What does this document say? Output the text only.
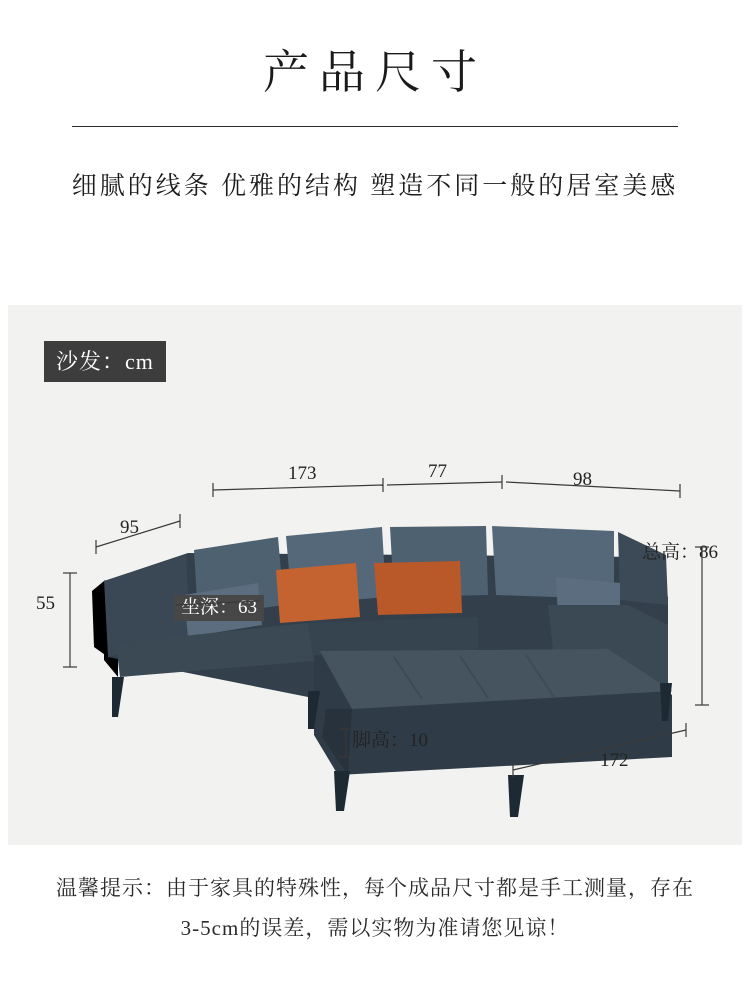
产品尺寸
细腻的线条 优雅的结构 塑造不同一般的居室美感
沙发：cm
173	77	98
95
55	坐深：63
总高：86
脚高：10
172
温馨提示：由于家具的特殊性，每个成品尺寸都是手工测量，存在
3-5cm的误差，需以实物为准请您见谅！
